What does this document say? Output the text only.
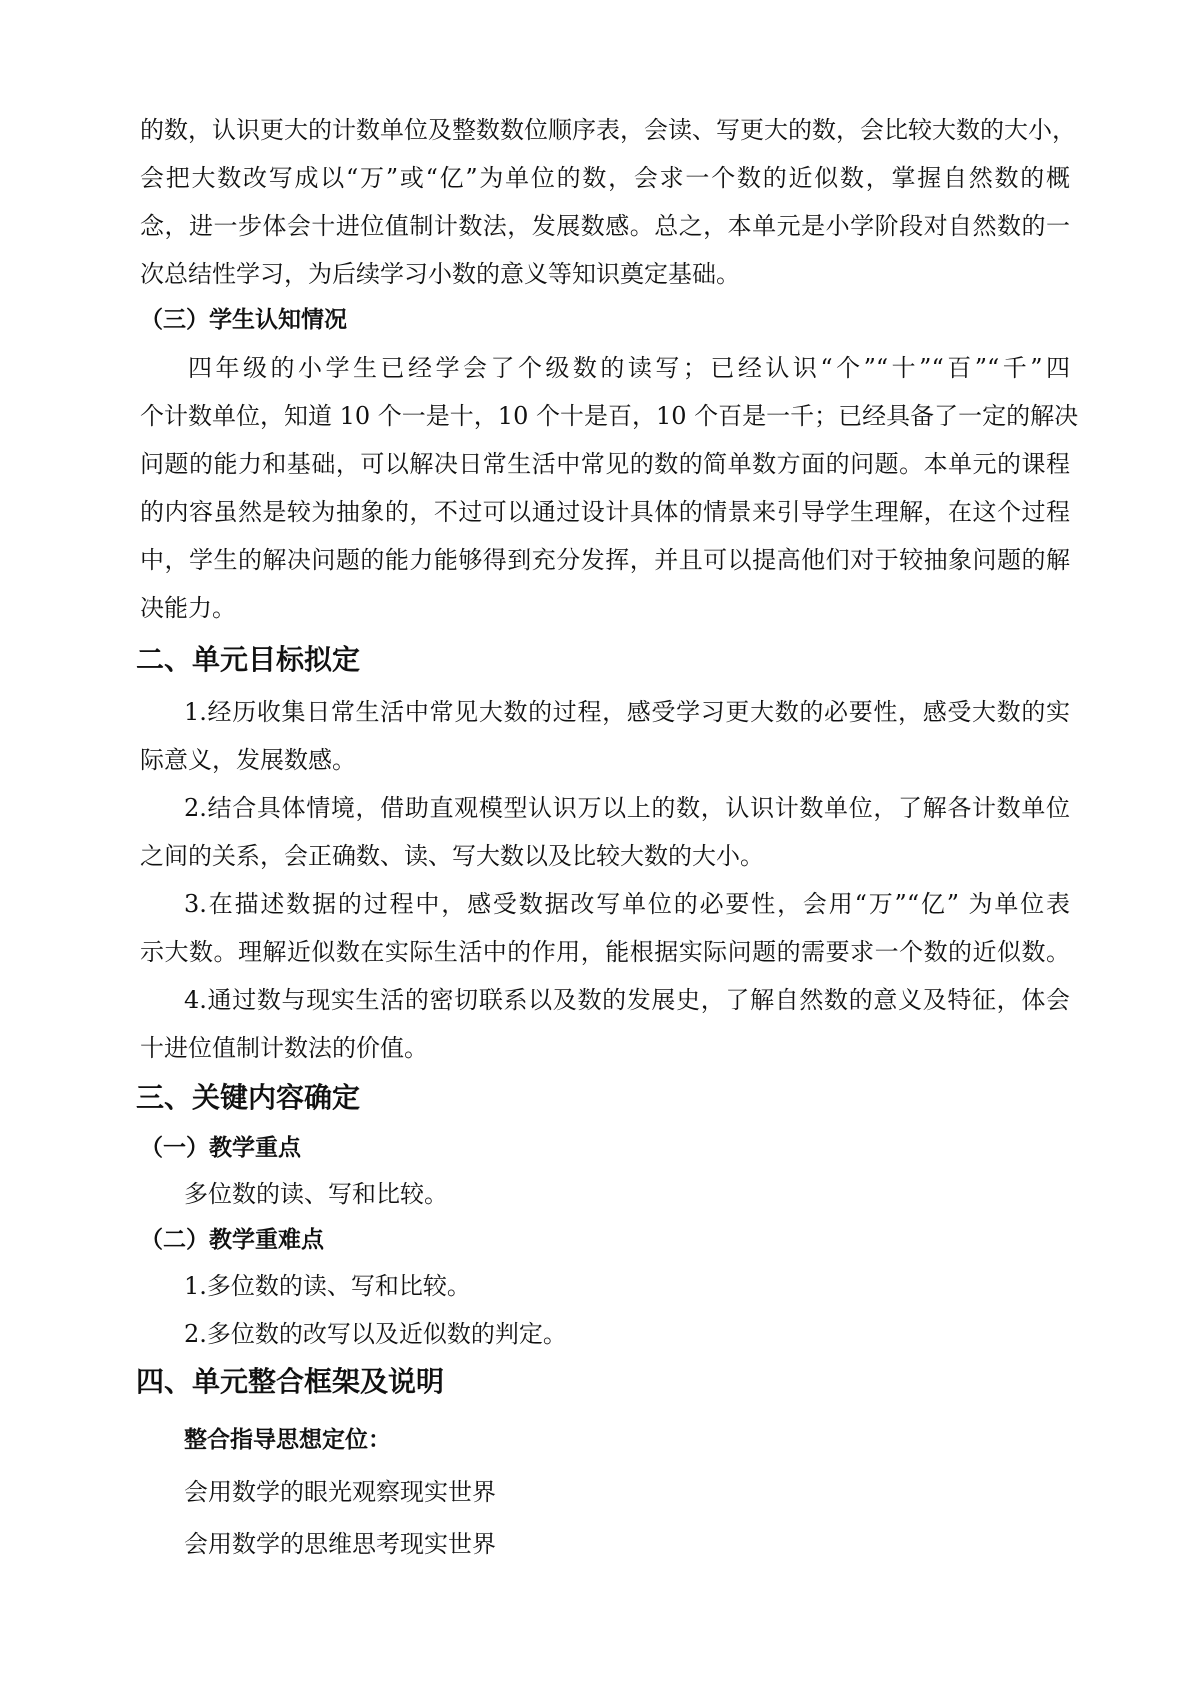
的数，认识更大的计数单位及整数数位顺序表，会读、写更大的数，会比较大数的大小，
会把大数改写成以“万”或“亿”为单位的数，会求一个数的近似数，掌握自然数的概
念，进一步体会十进位值制计数法，发展数感。总之，本单元是小学阶段对自然数的一
次总结性学习，为后续学习小数的意义等知识奠定基础。
（三）学生认知情况
四年级的小学生已经学会了个级数的读写；已经认识“个”“十”“百”“千”四
个计数单位，知道 10 个一是十，10 个十是百，10 个百是一千；已经具备了一定的解决
问题的能力和基础，可以解决日常生活中常见的数的简单数方面的问题。本单元的课程
的内容虽然是较为抽象的，不过可以通过设计具体的情景来引导学生理解，在这个过程
中，学生的解决问题的能力能够得到充分发挥，并且可以提高他们对于较抽象问题的解
决能力。
二、单元目标拟定
1.经历收集日常生活中常见大数的过程，感受学习更大数的必要性，感受大数的实
际意义，发展数感。
2.结合具体情境，借助直观模型认识万以上的数，认识计数单位，了解各计数单位
之间的关系，会正确数、读、写大数以及比较大数的大小。
3.在描述数据的过程中，感受数据改写单位的必要性，会用“万”“亿” 为单位表
示大数。理解近似数在实际生活中的作用，能根据实际问题的需要求一个数的近似数。
4.通过数与现实生活的密切联系以及数的发展史，了解自然数的意义及特征，体会
十进位值制计数法的价值。
三、关键内容确定
（一）教学重点
多位数的读、写和比较。
（二）教学重难点
1.多位数的读、写和比较。
2.多位数的改写以及近似数的判定。
四、单元整合框架及说明
整合指导思想定位：
会用数学的眼光观察现实世界
会用数学的思维思考现实世界
